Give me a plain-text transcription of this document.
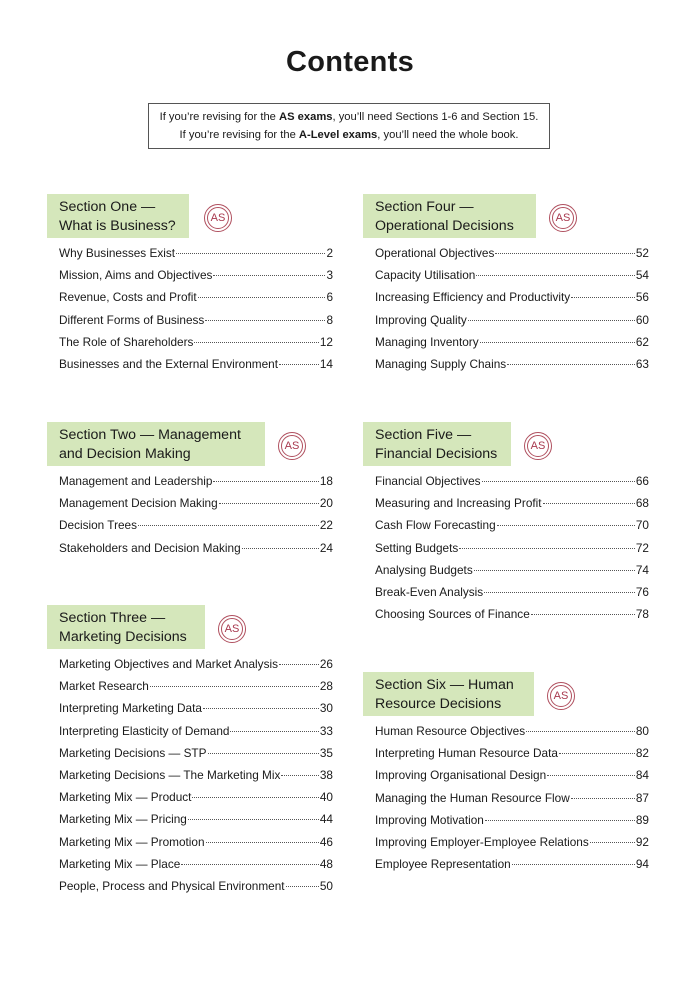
Contents
If you’re revising for the AS exams, you’ll need Sections 1-6 and Section 15.
If you’re revising for the A-Level exams, you’ll need the whole book.
Section One —
What is Business?	AS
Why Businesses Exist	2
Mission, Aims and Objectives	3
Revenue, Costs and Profit	6
Different Forms of Business	8
The Role of Shareholders	12
Businesses and the External Environment	14
Section Two — Management
and Decision Making	AS
Management and Leadership	18
Management Decision Making	20
Decision Trees	22
Stakeholders and Decision Making	24
Section Three —
Marketing Decisions	AS
Marketing Objectives and Market Analysis	26
Market Research	28
Interpreting Marketing Data	30
Interpreting Elasticity of Demand	33
Marketing Decisions — STP	35
Marketing Decisions — The Marketing Mix	38
Marketing Mix — Product	40
Marketing Mix — Pricing	44
Marketing Mix — Promotion	46
Marketing Mix — Place	48
People, Process and Physical Environment	50
Section Four —
Operational Decisions	AS
Operational Objectives	52
Capacity Utilisation	54
Increasing Efficiency and Productivity	56
Improving Quality	60
Managing Inventory	62
Managing Supply Chains	63
Section Five —
Financial Decisions	AS
Financial Objectives	66
Measuring and Increasing Profit	68
Cash Flow Forecasting	70
Setting Budgets	72
Analysing Budgets	74
Break-Even Analysis	76
Choosing Sources of Finance	78
Section Six — Human
Resource Decisions	AS
Human Resource Objectives	80
Interpreting Human Resource Data	82
Improving Organisational Design	84
Managing the Human Resource Flow	87
Improving Motivation	89
Improving Employer-Employee Relations	92
Employee Representation	94
